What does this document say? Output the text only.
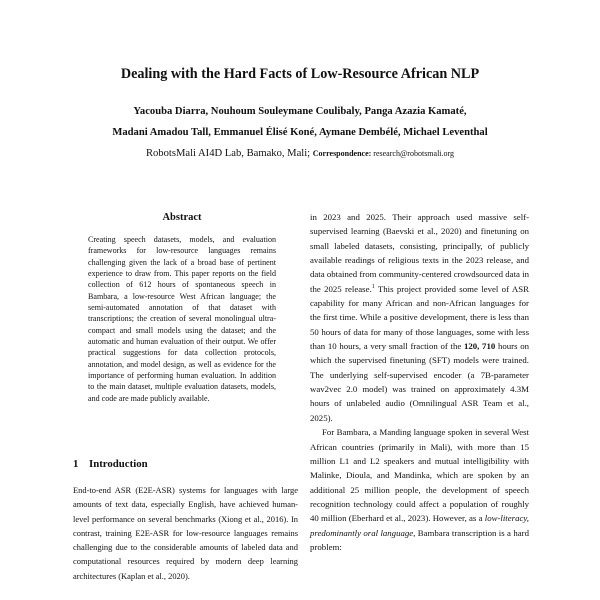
Dealing with the Hard Facts of Low-Resource African NLP
Yacouba Diarra, Nouhoum Souleymane Coulibaly, Panga Azazia Kamaté,
Madani Amadou Tall, Emmanuel Élisé Koné, Aymane Dembélé, Michael Leventhal
RobotsMali AI4D Lab, Bamako, Mali; Correspondence: research@robotsmali.org
Abstract
Creating speech datasets, models, and evaluation frameworks for low-resource languages remains challenging given the lack of a broad base of pertinent experience to draw from. This paper reports on the field collection of 612 hours of spontaneous speech in Bambara, a low-resource West African language; the semi-automated annotation of that dataset with transcriptions; the creation of several monolingual ultra-compact and small models using the dataset; and the automatic and human evaluation of their output. We offer practical suggestions for data collection protocols, annotation, and model design, as well as evidence for the importance of performing human evaluation. In addition to the main dataset, multiple evaluation datasets, models, and code are made publicly available.
1 Introduction
End-to-end ASR (E2E-ASR) systems for languages with large amounts of text data, especially English, have achieved human-level performance on several benchmarks (Xiong et al., 2016). In contrast, training E2E-ASR for low-resource languages remains challenging due to the considerable amounts of labeled data and computational resources required by modern deep learning architectures (Kaplan et al., 2020).

in 2023 and 2025. Their approach used massive self-supervised learning (Baevski et al., 2020) and finetuning on small labeled datasets, consisting, principally, of publicly available readings of religious texts in the 2023 release, and data obtained from community-centered crowdsourced data in the 2025 release.$^1$ This project provided some level of ASR capability for many African and non-African languages for the first time. While a positive development, there is less than 50 hours of data for many of those languages, some with less than 10 hours, a very small fraction of the 120, 710 hours on which the supervised finetuning (SFT) models were trained. The underlying self-supervised encoder (a 7B-parameter wav2vec 2.0 model) was trained on approximately 4.3M hours of unlabeled audio (Omnilingual ASR Team et al., 2025).

For Bambara, a Manding language spoken in several West African countries (primarily in Mali), with more than 15 million L1 and L2 speakers and mutual intelligibility with Malinke, Dioula, and Mandinka, which are spoken by an additional 25 million people, the development of speech recognition technology could affect a population of roughly 40 million (Eberhard et al., 2023). However, as a low-literacy, predominantly oral language, Bambara transcription is a hard problem:
